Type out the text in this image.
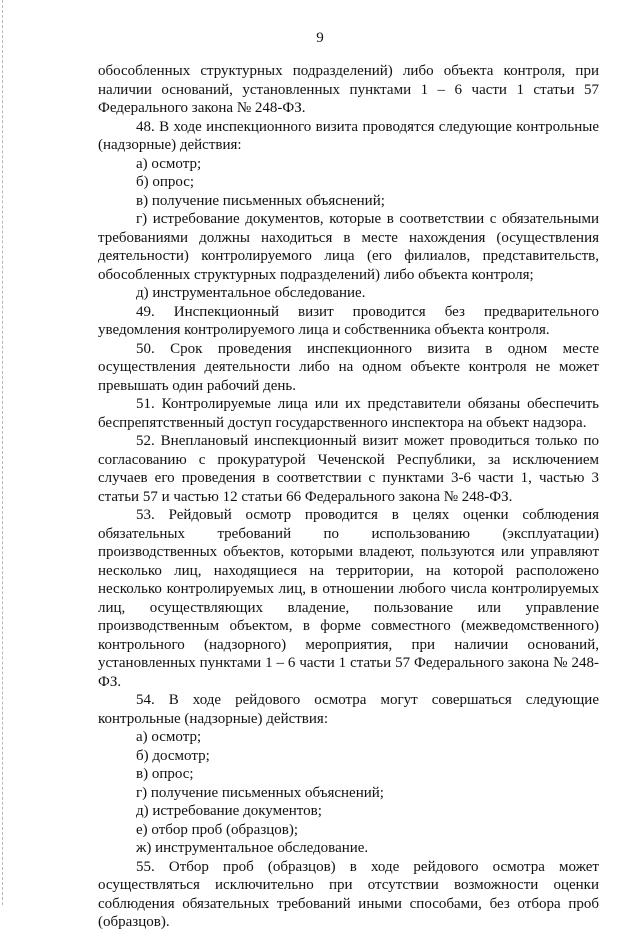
9

обособленных структурных подразделений) либо объекта контроля, при наличии оснований, установленных пунктами 1 – 6 части 1 статьи 57 Федерального закона № 248-ФЗ.

48. В ходе инспекционного визита проводятся следующие контрольные (надзорные) действия:

а) осмотр;

б) опрос;

в) получение письменных объяснений;

г) истребование документов, которые в соответствии с обязательными требованиями должны находиться в месте нахождения (осуществления деятельности) контролируемого лица (его филиалов, представительств, обособленных структурных подразделений) либо объекта контроля;

д) инструментальное обследование.

49. Инспекционный визит проводится без предварительного уведомления контролируемого лица и собственника объекта контроля.

50. Срок проведения инспекционного визита в одном месте осуществления деятельности либо на одном объекте контроля не может превышать один рабочий день.

51. Контролируемые лица или их представители обязаны обеспечить беспрепятственный доступ государственного инспектора на объект надзора.

52. Внеплановый инспекционный визит может проводиться только по согласованию с прокуратурой Чеченской Республики, за исключением случаев его проведения в соответствии с пунктами 3-6 части 1, частью 3 статьи 57 и частью 12 статьи 66 Федерального закона № 248-ФЗ.

53. Рейдовый осмотр проводится в целях оценки соблюдения обязательных требований по использованию (эксплуатации) производственных объектов, которыми владеют, пользуются или управляют несколько лиц, находящиеся на территории, на которой расположено несколько контролируемых лиц, в отношении любого числа контролируемых лиц, осуществляющих владение, пользование или управление производственным объектом, в форме совместного (межведомственного) контрольного (надзорного) мероприятия, при наличии оснований, установленных пунктами 1 – 6 части 1 статьи 57 Федерального закона № 248-ФЗ.

54. В ходе рейдового осмотра могут совершаться следующие контрольные (надзорные) действия:

а) осмотр;

б) досмотр;

в) опрос;

г) получение письменных объяснений;

д) истребование документов;

е) отбор проб (образцов);

ж) инструментальное обследование.

55. Отбор проб (образцов) в ходе рейдового осмотра может осуществляться исключительно при отсутствии возможности оценки соблюдения обязательных требований иными способами, без отбора проб (образцов).
